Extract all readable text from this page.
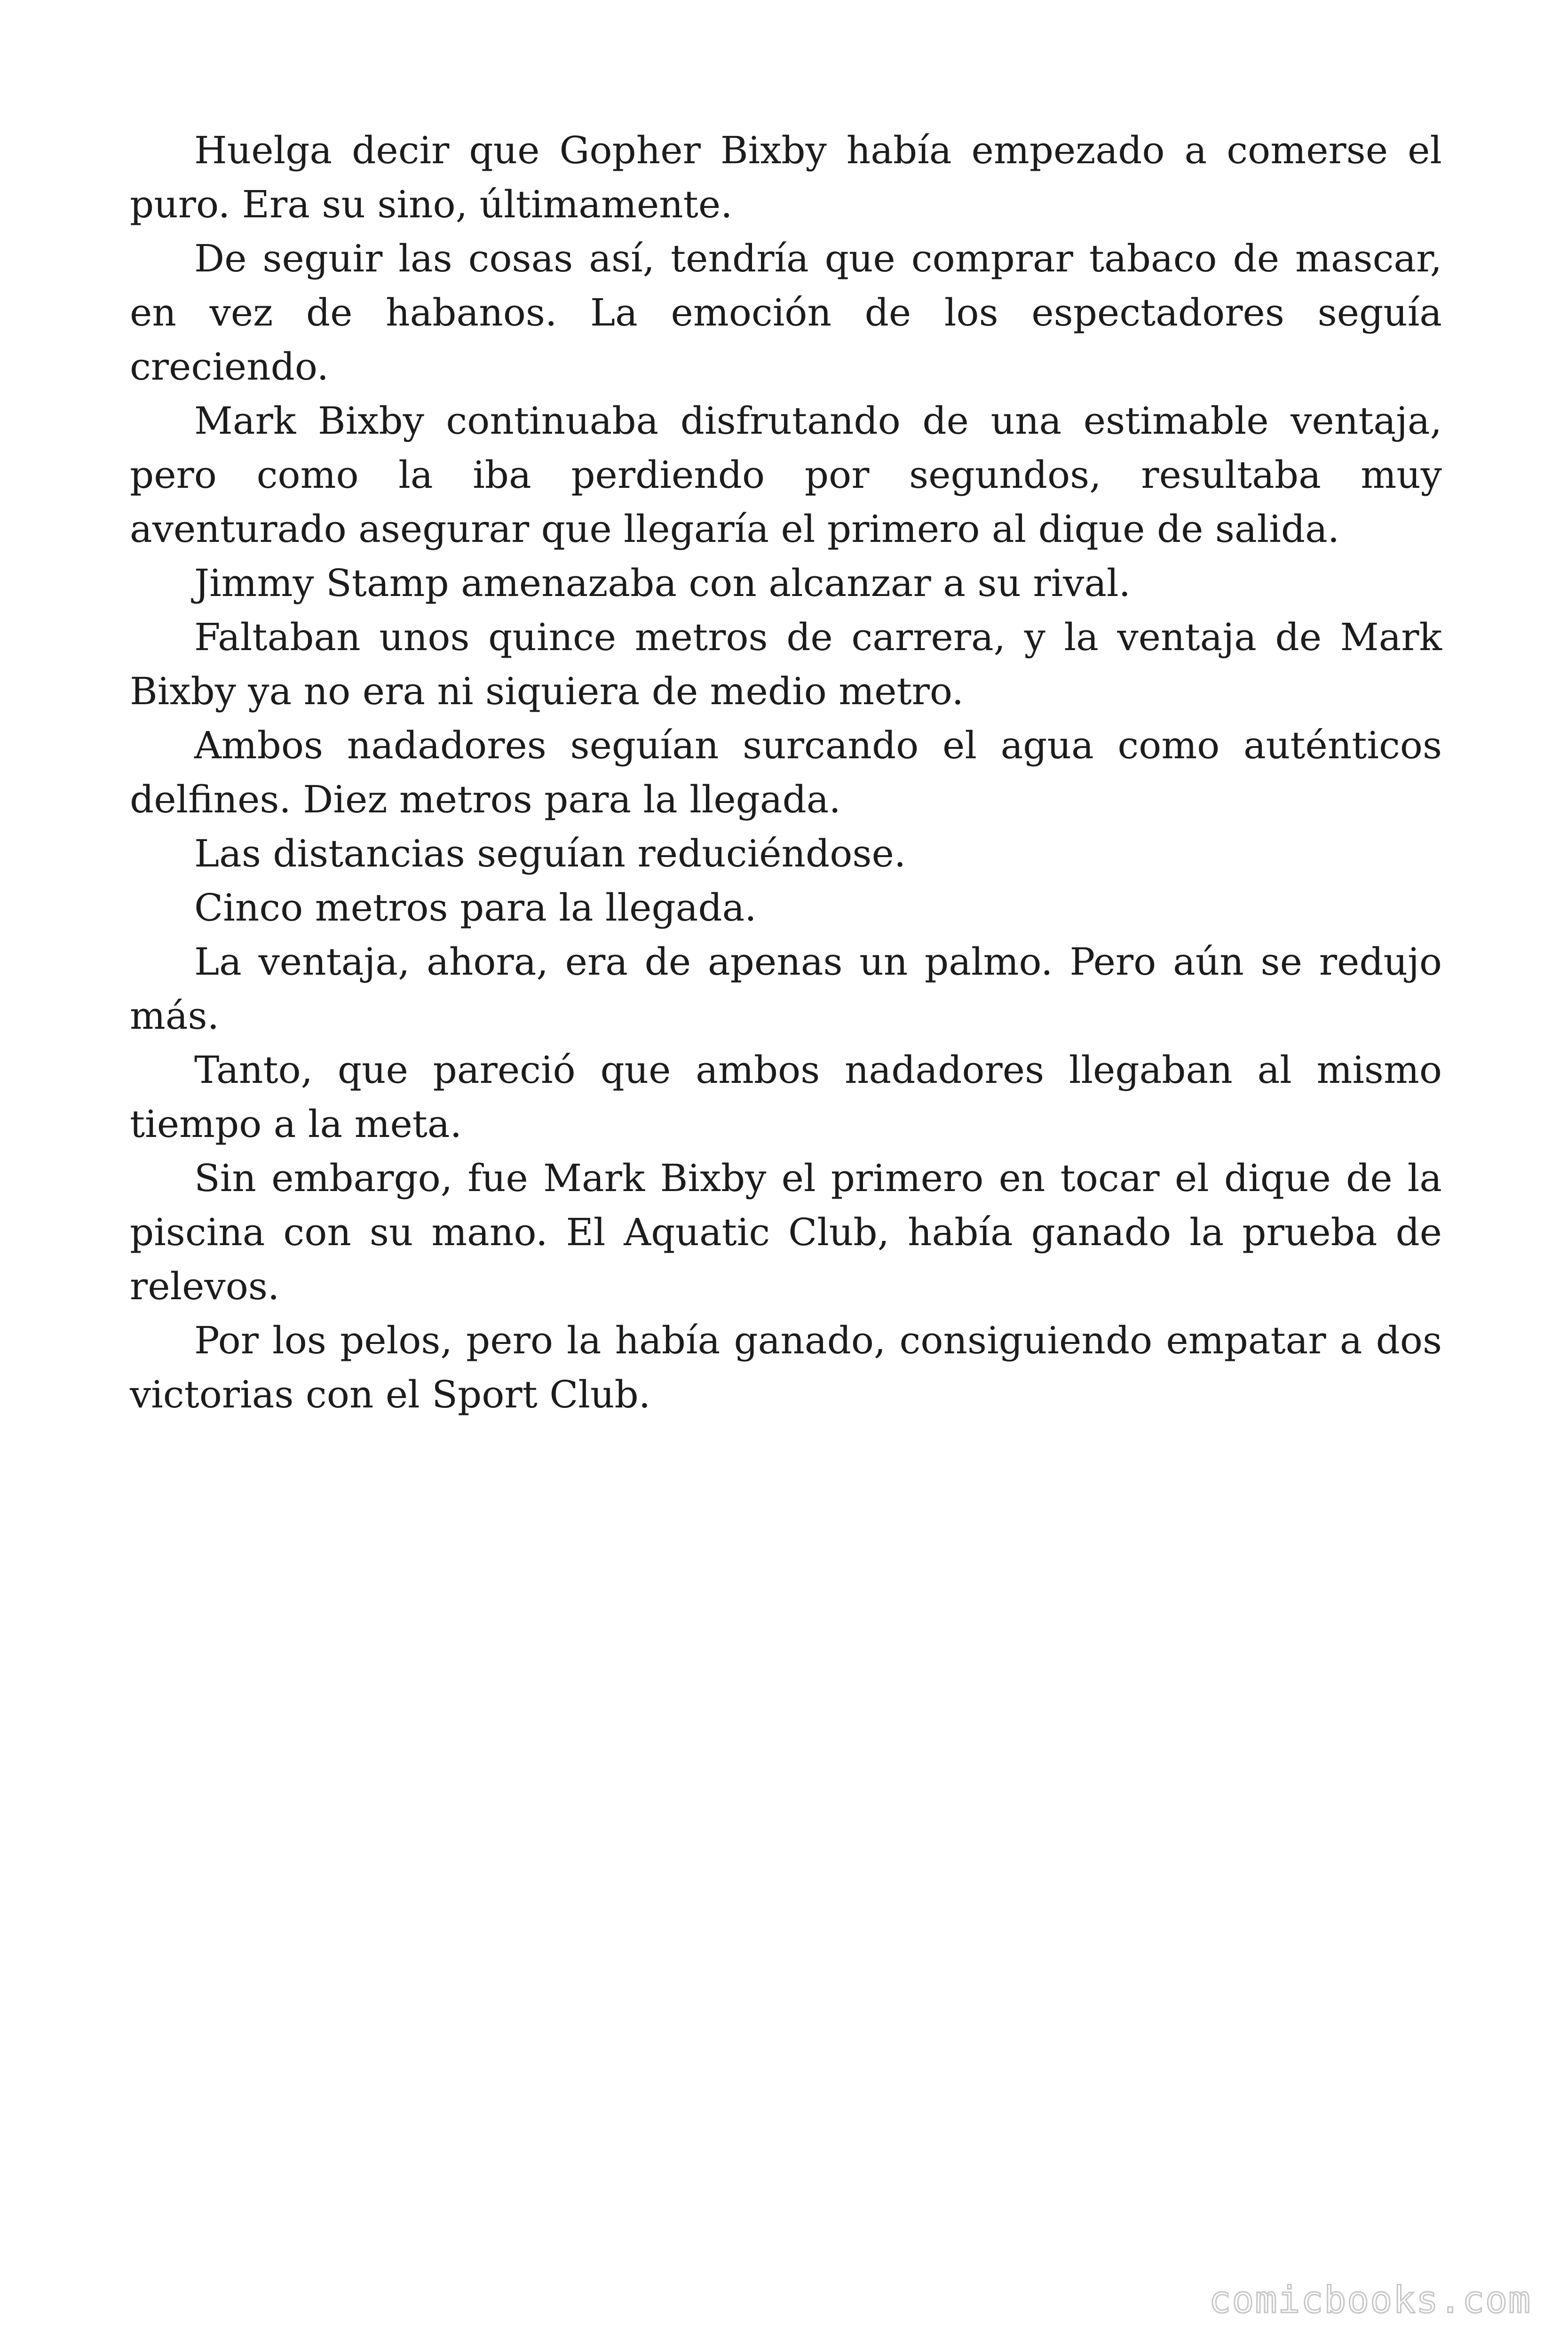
Huelga decir que Gopher Bixby había empezado a comerse el puro. Era su sino, últimamente.

De seguir las cosas así, tendría que comprar tabaco de mascar, en vez de habanos. La emoción de los espectadores seguía creciendo.

Mark Bixby continuaba disfrutando de una estimable ventaja, pero como la iba perdiendo por segundos, resultaba muy aventurado asegurar que llegaría el primero al dique de salida.

Jimmy Stamp amenazaba con alcanzar a su rival.

Faltaban unos quince metros de carrera, y la ventaja de Mark Bixby ya no era ni siquiera de medio metro.

Ambos nadadores seguían surcando el agua como auténticos delfines. Diez metros para la llegada.

Las distancias seguían reduciéndose.

Cinco metros para la llegada.

La ventaja, ahora, era de apenas un palmo. Pero aún se redujo más.

Tanto, que pareció que ambos nadadores llegaban al mismo tiempo a la meta.

Sin embargo, fue Mark Bixby el primero en tocar el dique de la piscina con su mano. El Aquatic Club, había ganado la prueba de relevos.

Por los pelos, pero la había ganado, consiguiendo empatar a dos victorias con el Sport Club.

comicbooks.com
